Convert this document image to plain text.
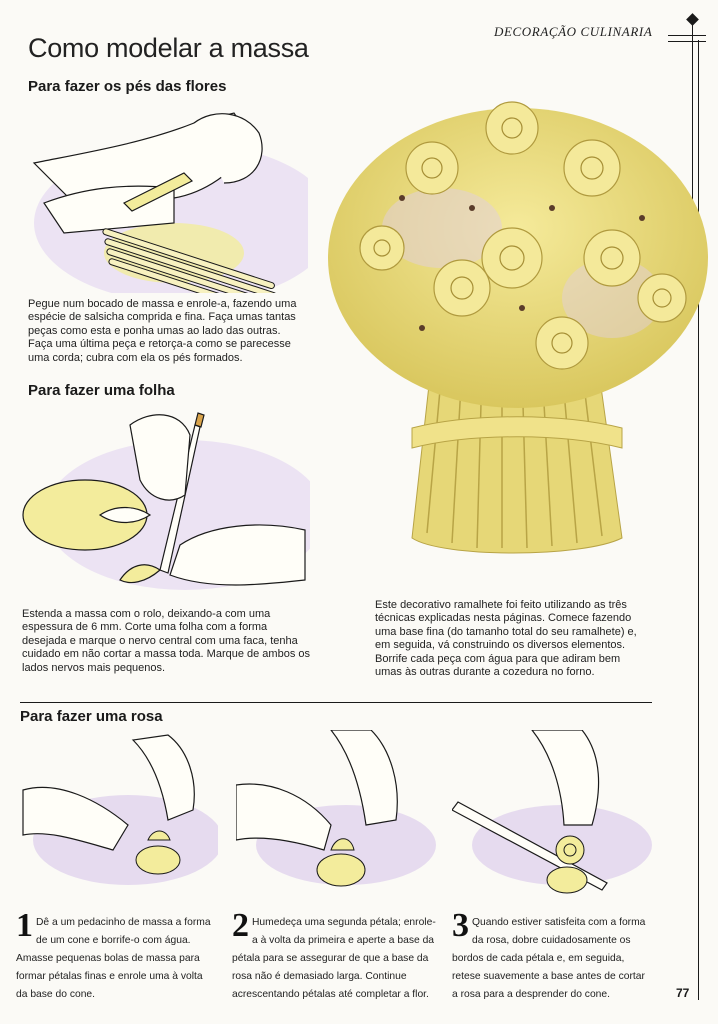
DECORAÇÃO CULINARIA
Como modelar a massa
Para fazer os pés das flores
Pegue num bocado de massa e enrole-a, fazendo uma espécie de salsicha comprida e fina. Faça umas tantas peças como esta e ponha umas ao lado das outras. Faça uma última peça e retorça-a como se parecesse uma corda; cubra com ela os pés formados.
Para fazer uma folha
Estenda a massa com o rolo, deixando-a com uma espessura de 6 mm. Corte uma folha com a forma desejada e marque o nervo central com uma faca, tenha cuidado em não cortar a massa toda. Marque de ambos os lados nervos mais pequenos.
Este decorativo ramalhete foi feito utilizando as três técnicas explicadas nesta páginas. Comece fazendo uma base fina (do tamanho total do seu ramalhete) e, em seguida, vá construindo os diversos elementos. Borrife cada peça com água para que adiram bem umas às outras durante a cozedura no forno.
Para fazer uma rosa
1 Dê a um pedacinho de massa a forma de um cone e borrife-o com água. Amasse pequenas bolas de massa para formar pétalas finas e enrole uma à volta da base do cone.
2 Humedeça uma segunda pétala; enrole-a à volta da primeira e aperte a base da pétala para se assegurar de que a base da rosa não é demasiado larga. Continue acrescentando pétalas até completar a flor.
3 Quando estiver satisfeita com a forma da rosa, dobre cuidadosamente os bordos de cada pétala e, em seguida, retese suavemente a base antes de cortar a rosa para a desprender do cone.	77
